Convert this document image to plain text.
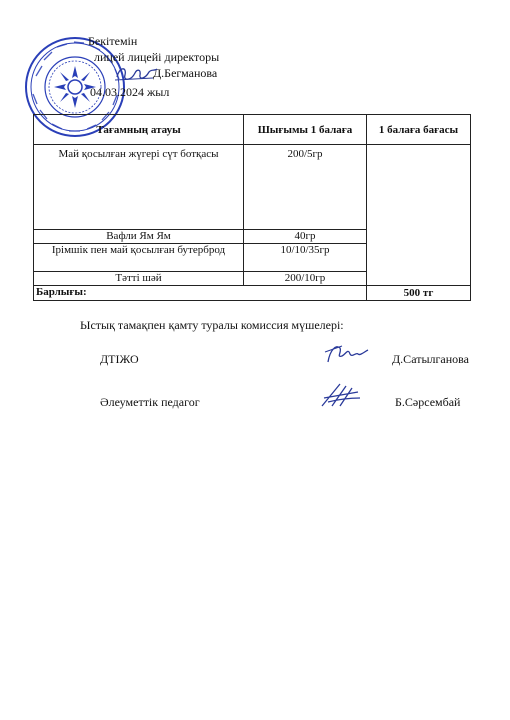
Бекітемін
лицей лицейі директоры
Д.Бегманова
04.03.2024 жыл
Тағамның атауы	Шығымы 1 балаға	1 балаға бағасы
Май қосылған жүгері сүт ботқасы	200/5гр	
Вафли Ям Ям	40гр	
Ірімшік пен май қосылған бутерброд	10/10/35гр	
Тәтті шәй	200/10гр	
Барлығы:		500 тг
Ыстық тамақпен қамту туралы комиссия мүшелері:
ДТІЖО	Д.Сатылганова
Әлеуметтік педагог	Б.Сәрсембай
